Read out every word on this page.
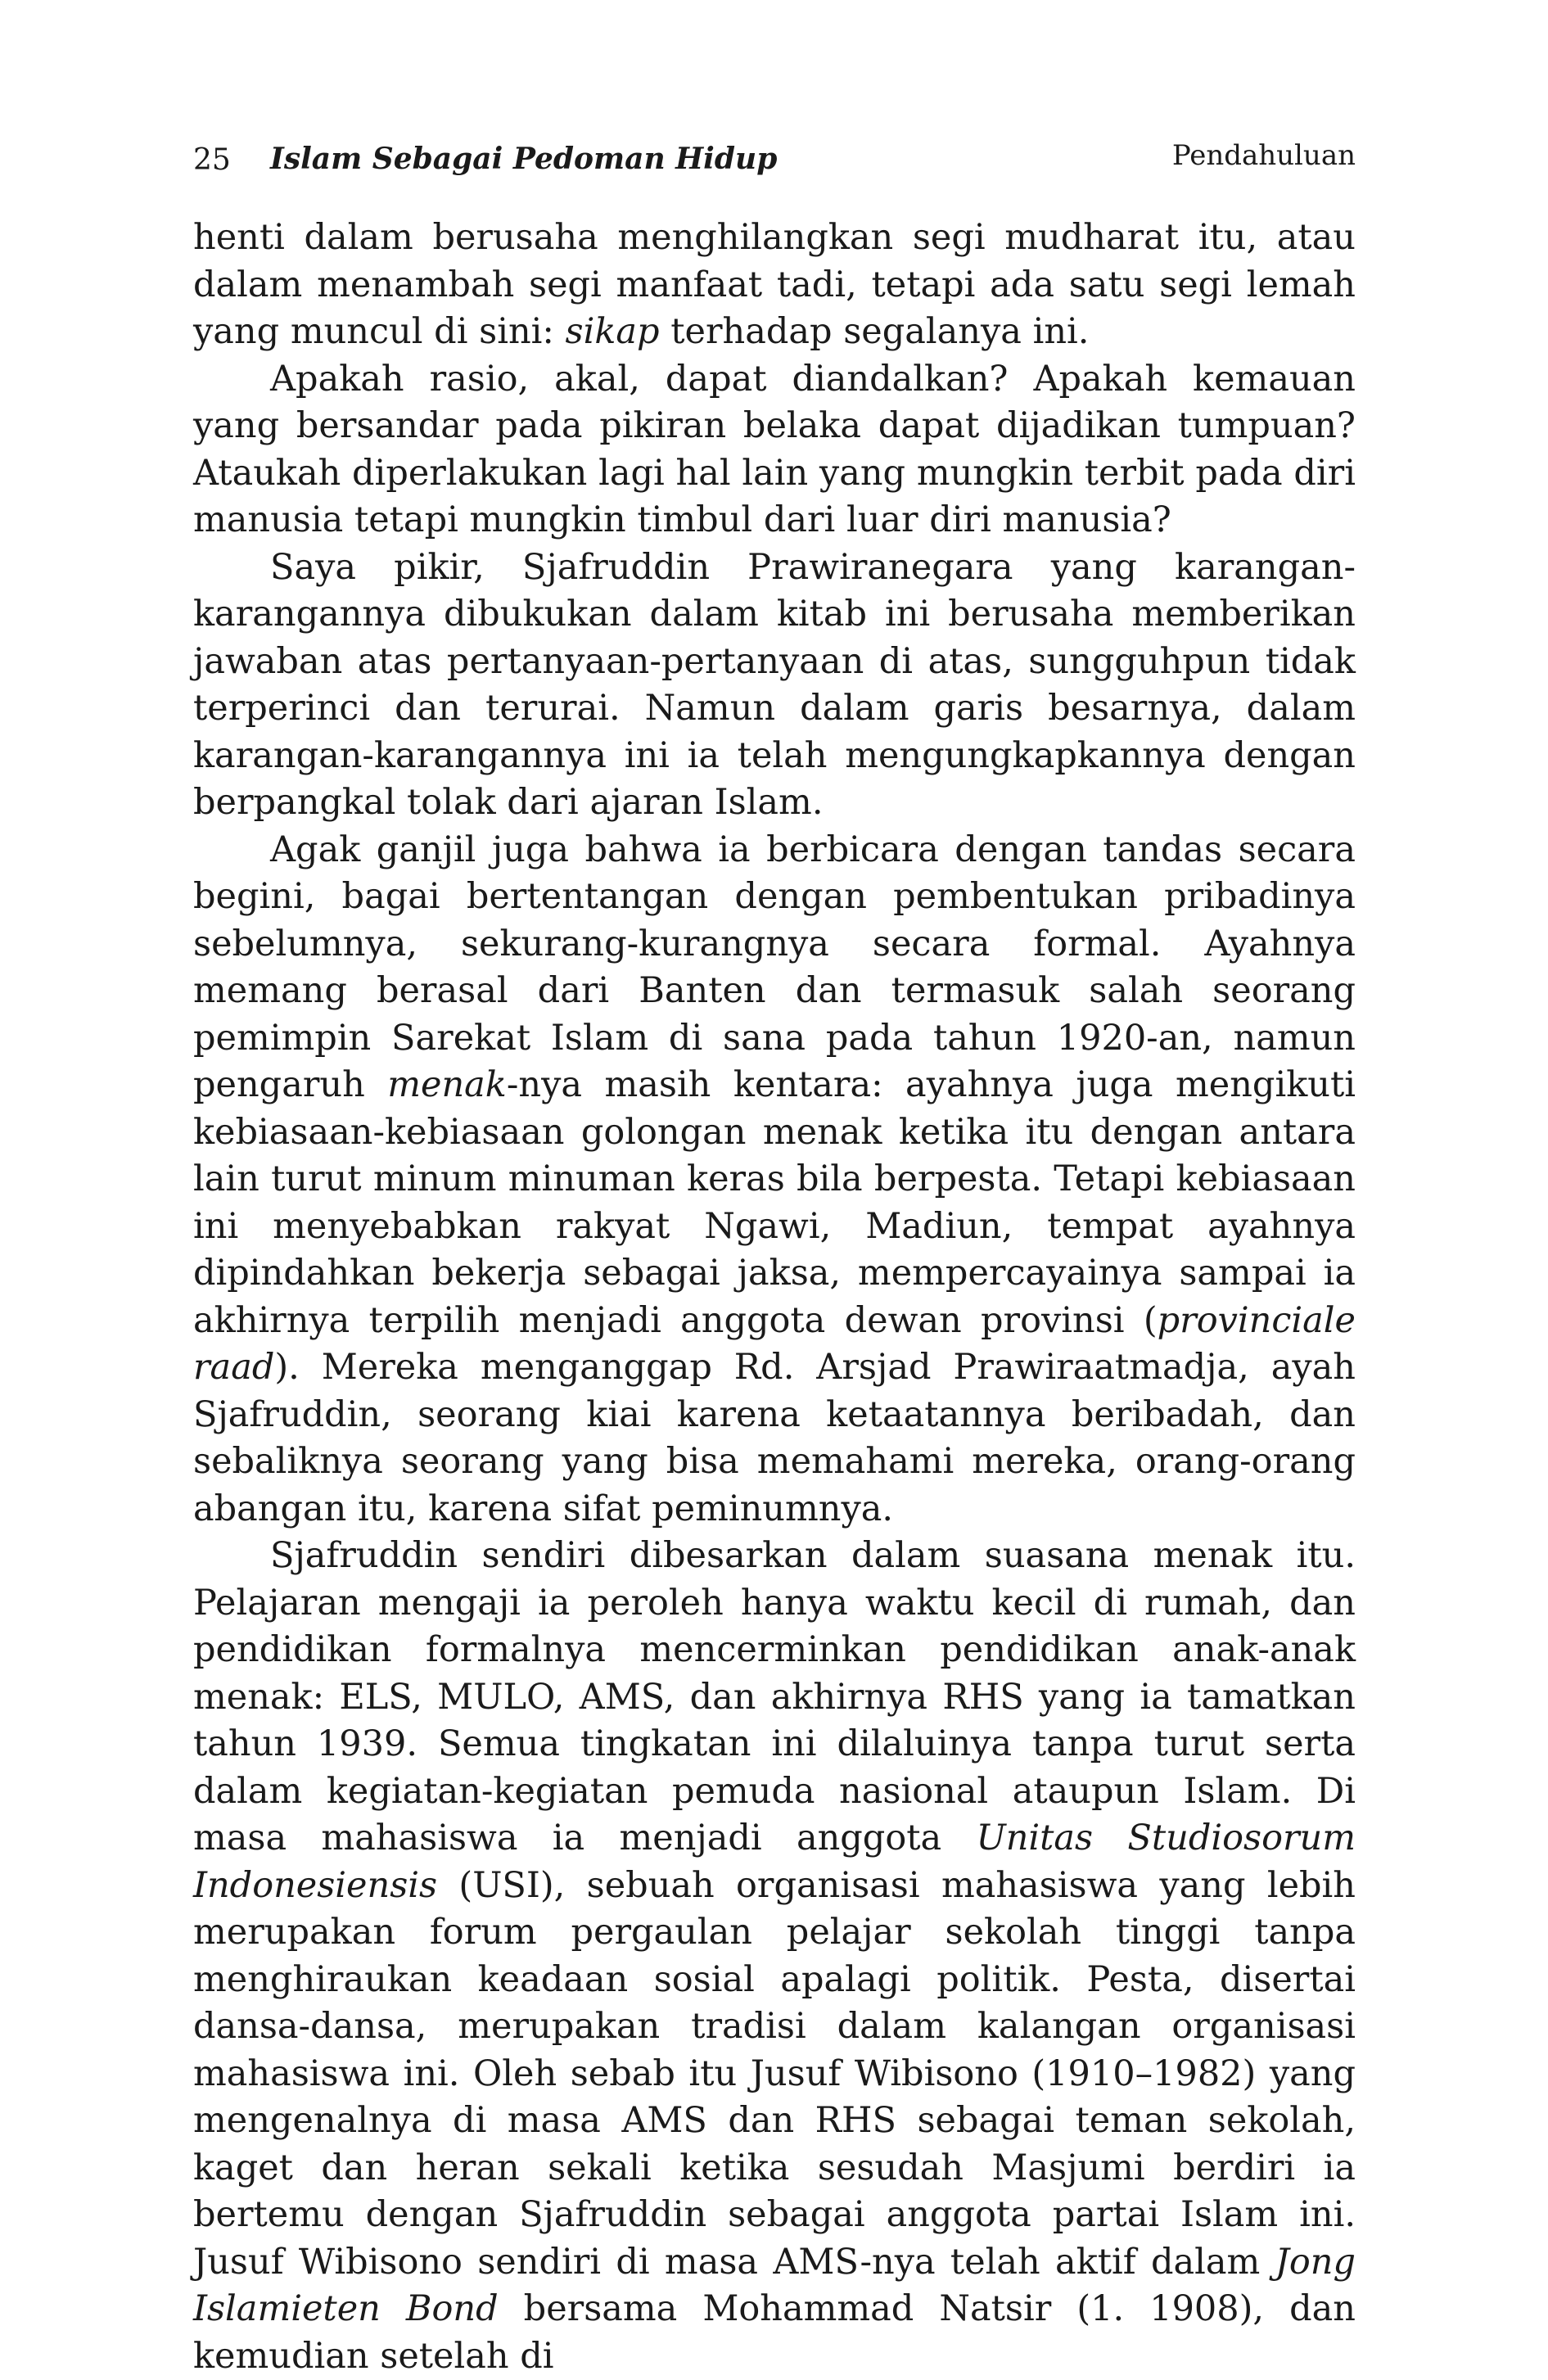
25 Islam Sebagai Pedoman Hidup	Pendahuluan

henti dalam berusaha menghilangkan segi mudharat itu, atau dalam menambah segi manfaat tadi, tetapi ada satu segi lemah yang muncul di sini: sikap terhadap segalanya ini.

Apakah rasio, akal, dapat diandalkan? Apakah kemauan yang bersandar pada pikiran belaka dapat dijadikan tumpuan? Ataukah diperlakukan lagi hal lain yang mungkin terbit pada diri manusia tetapi mungkin timbul dari luar diri manusia?

Saya pikir, Sjafruddin Prawiranegara yang karangan-karangannya dibukukan dalam kitab ini berusaha memberikan jawaban atas pertanyaan-pertanyaan di atas, sungguhpun tidak terperinci dan terurai. Namun dalam garis besarnya, dalam karangan-karangannya ini ia telah mengungkapkannya dengan berpangkal tolak dari ajaran Islam.

Agak ganjil juga bahwa ia berbicara dengan tandas secara begini, bagai bertentangan dengan pembentukan pribadinya sebelumnya, sekurang-kurangnya secara formal. Ayahnya memang berasal dari Banten dan termasuk salah seorang pemimpin Sarekat Islam di sana pada tahun 1920-an, namun pengaruh menak-nya masih kentara: ayahnya juga mengikuti kebiasaan-kebiasaan golongan menak ketika itu dengan antara lain turut minum minuman keras bila berpesta. Tetapi kebiasaan ini menyebabkan rakyat Ngawi, Madiun, tempat ayahnya dipindahkan bekerja sebagai jaksa, mempercayainya sampai ia akhirnya terpilih menjadi anggota dewan provinsi (provinciale raad). Mereka menganggap Rd. Arsjad Prawiraatmadja, ayah Sjafruddin, seorang kiai karena ketaatannya beribadah, dan sebaliknya seorang yang bisa memahami mereka, orang-orang abangan itu, karena sifat peminumnya.

Sjafruddin sendiri dibesarkan dalam suasana menak itu. Pelajaran mengaji ia peroleh hanya waktu kecil di rumah, dan pendidikan formalnya mencerminkan pendidikan anak-anak menak: ELS, MULO, AMS, dan akhirnya RHS yang ia tamatkan tahun 1939. Semua tingkatan ini dilaluinya tanpa turut serta dalam kegiatan-kegiatan pemuda nasional ataupun Islam. Di masa mahasiswa ia menjadi anggota Unitas Studiosorum Indonesiensis (USI), sebuah organisasi mahasiswa yang lebih merupakan forum pergaulan pelajar sekolah tinggi tanpa menghiraukan keadaan sosial apalagi politik. Pesta, disertai dansa-dansa, merupakan tradisi dalam kalangan organisasi mahasiswa ini. Oleh sebab itu Jusuf Wibisono (1910–1982) yang mengenalnya di masa AMS dan RHS sebagai teman sekolah, kaget dan heran sekali ketika sesudah Masjumi berdiri ia bertemu dengan Sjafruddin sebagai anggota partai Islam ini. Jusuf Wibisono sendiri di masa AMS-nya telah aktif dalam Jong Islamieten Bond bersama Mohammad Natsir (1. 1908), dan kemudian setelah di
